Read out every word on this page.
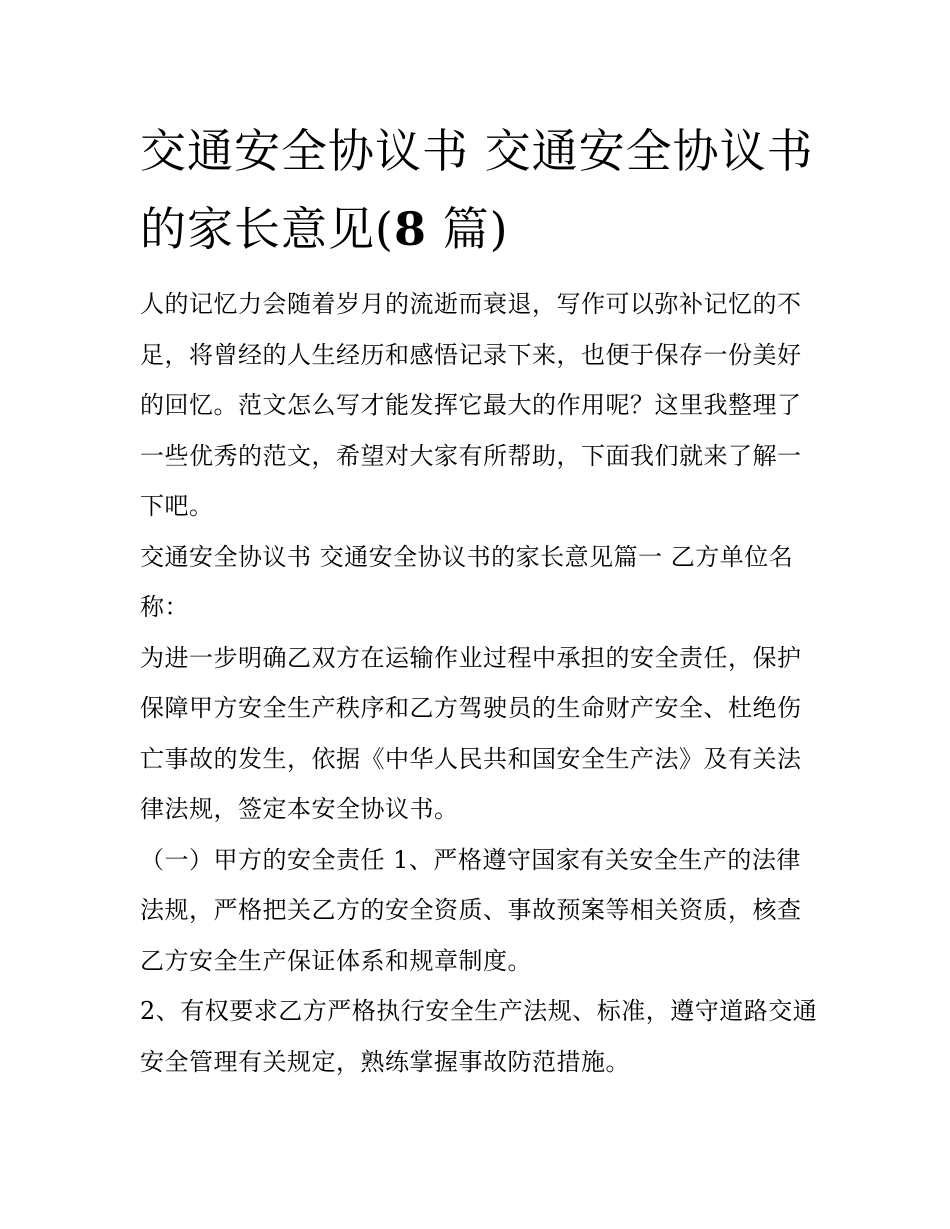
交通安全协议书 交通安全协议书的家长意见(8 篇)

人的记忆力会随着岁月的流逝而衰退，写作可以弥补记忆的不足，将曾经的人生经历和感悟记录下来，也便于保存一份美好的回忆。范文怎么写才能发挥它最大的作用呢？这里我整理了一些优秀的范文，希望对大家有所帮助，下面我们就来了解一下吧。

交通安全协议书 交通安全协议书的家长意见篇一 乙方单位名称：

为进一步明确乙双方在运输作业过程中承担的安全责任，保护保障甲方安全生产秩序和乙方驾驶员的生命财产安全、杜绝伤亡事故的发生，依据《中华人民共和国安全生产法》及有关法律法规，签定本安全协议书。

（一）甲方的安全责任 1、严格遵守国家有关安全生产的法律法规，严格把关乙方的安全资质、事故预案等相关资质，核查乙方安全生产保证体系和规章制度。

2、有权要求乙方严格执行安全生产法规、标准，遵守道路交通安全管理有关规定，熟练掌握事故防范措施。
